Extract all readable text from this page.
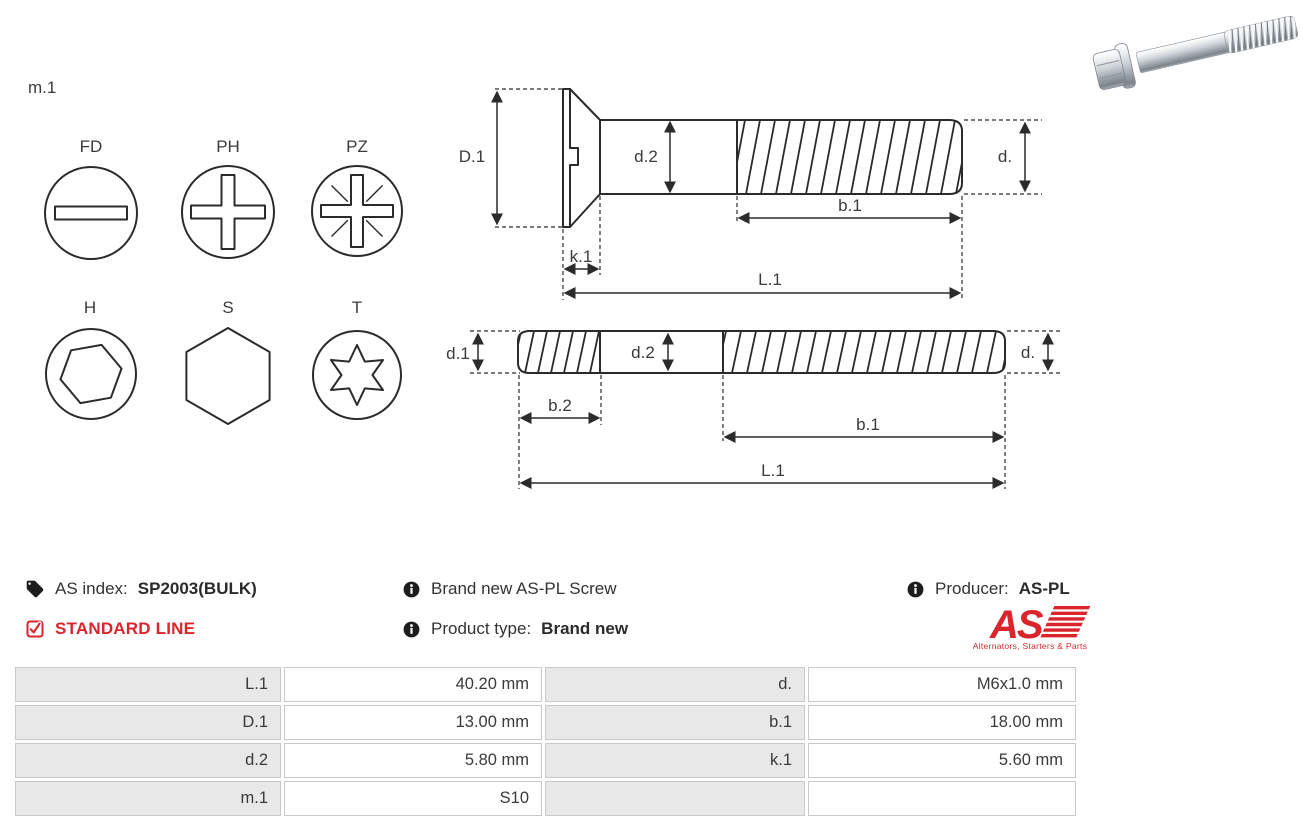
m.1
FD	PH	PZ
H	S	T
D.1	d.2	d.
b.1
k.1
L.1
d.1	d.2	d.
b.2
b.1
L.1
AS index: SP2003(BULK)	Brand new AS-PL Screw	Producer: AS-PL
STANDARD LINE	Product type: Brand new	AS
Alternators, Starters & Parts
L.1	40.20 mm	d.	M6x1.0 mm
D.1	13.00 mm	b.1	18.00 mm
d.2	5.80 mm	k.1	5.60 mm
m.1	S10
